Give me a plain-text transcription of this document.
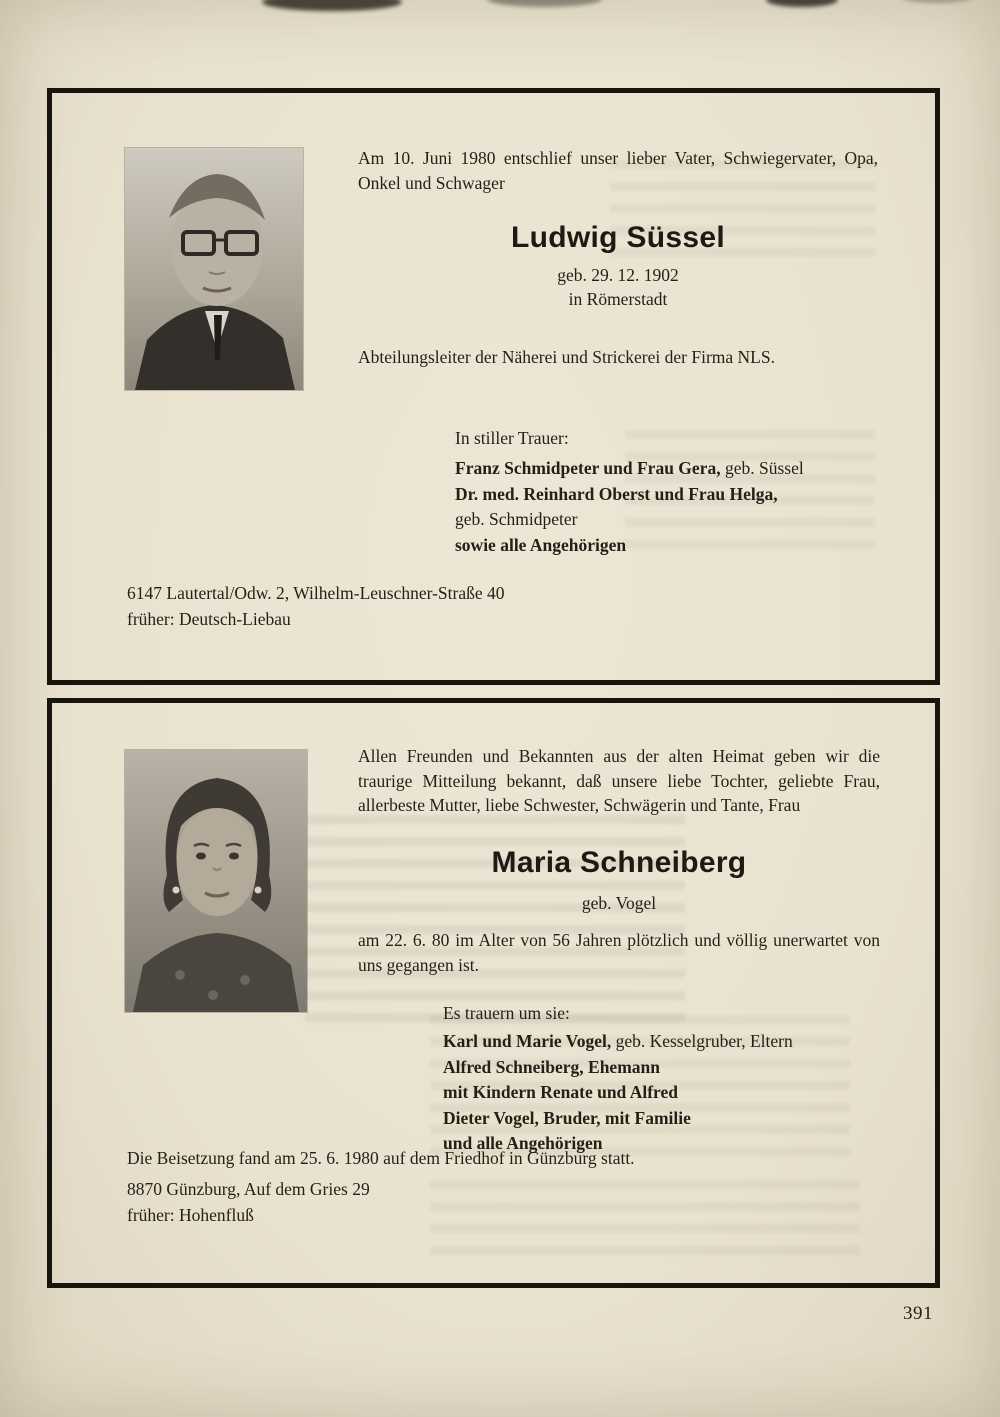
Am 10. Juni 1980 entschlief unser lieber Vater, Schwiegervater, Opa, Onkel und Schwager

Ludwig Süssel
geb. 29. 12. 1902
in Römerstadt

Abteilungsleiter der Näherei und Strickerei der Firma NLS.

In stiller Trauer:
Franz Schmidpeter und Frau Gera, geb. Süssel
Dr. med. Reinhard Oberst und Frau Helga,
geb. Schmidpeter
sowie alle Angehörigen
6147 Lautertal/Odw. 2, Wilhelm-Leuschner-Straße 40
früher: Deutsch-Liebau

Allen Freunden und Bekannten aus der alten Heimat geben wir die traurige Mitteilung bekannt, daß unsere liebe Tochter, geliebte Frau, allerbeste Mutter, liebe Schwester, Schwägerin und Tante, Frau

Maria Schneiberg
geb. Vogel

am 22. 6. 80 im Alter von 56 Jahren plötzlich und völlig unerwartet von uns gegangen ist.

Es trauern um sie:
Karl und Marie Vogel, geb. Kesselgruber, Eltern
Alfred Schneiberg, Ehemann
mit Kindern Renate und Alfred
Dieter Vogel, Bruder, mit Familie
und alle Angehörigen
Die Beisetzung fand am 25. 6. 1980 auf dem Friedhof in Günzburg statt.
8870 Günzburg, Auf dem Gries 29
früher: Hohenfluß
391
